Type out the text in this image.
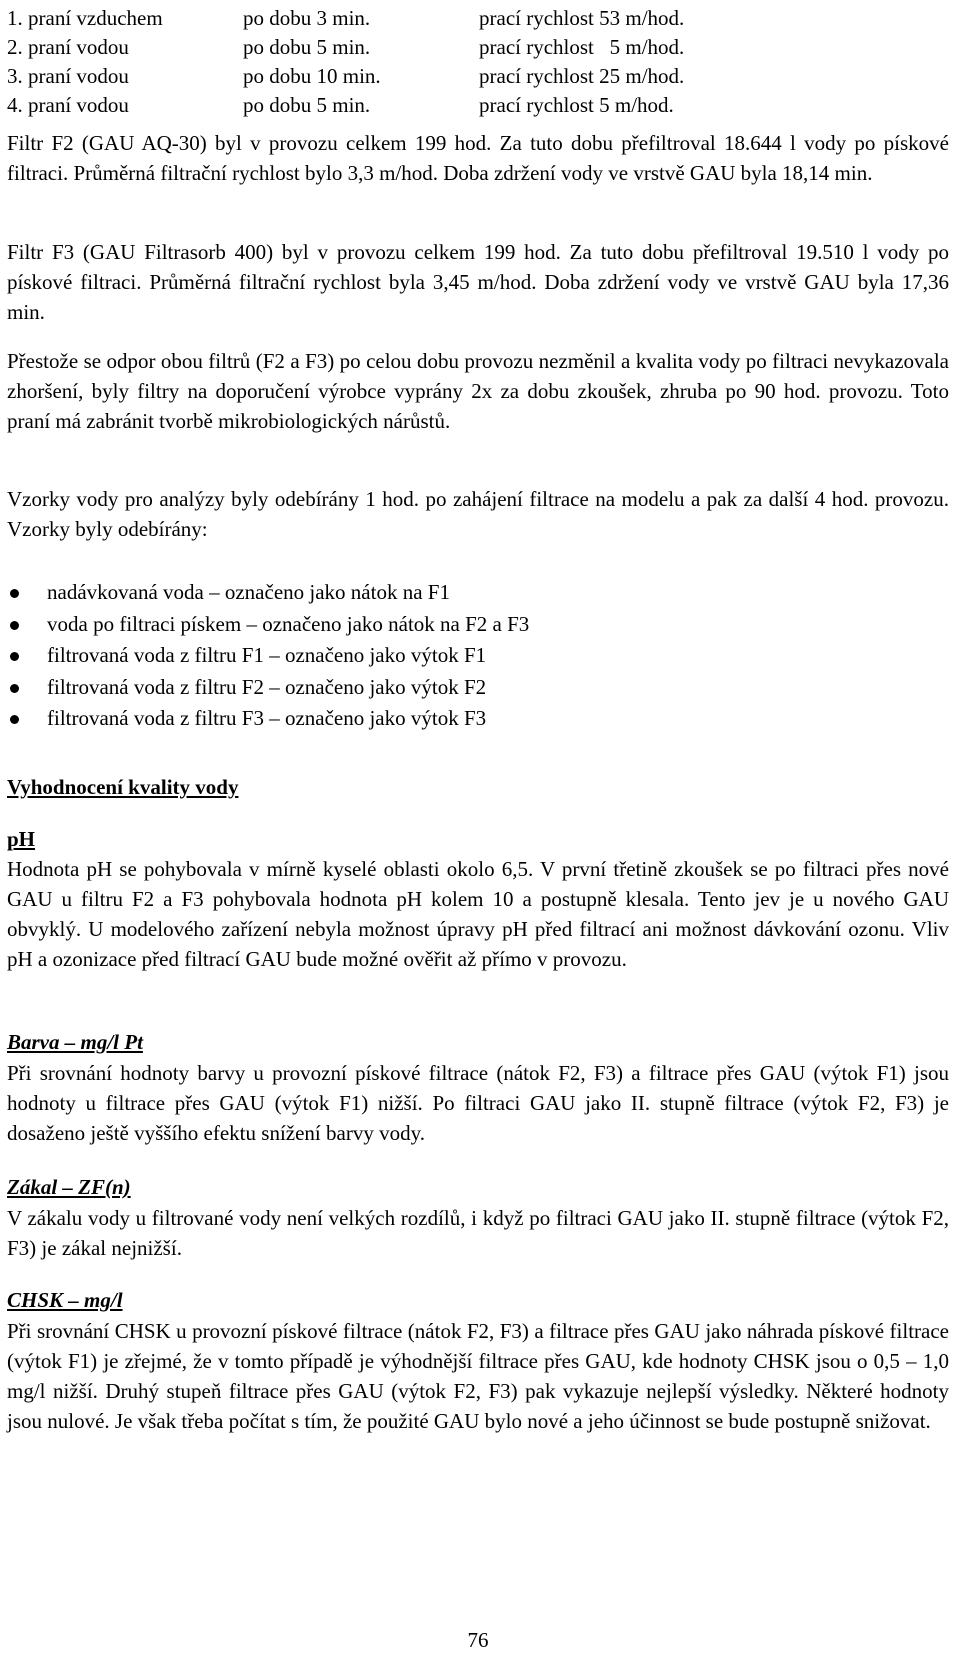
1. praní vzduchem	po dobu 3 min.	prací rychlost 53 m/hod.
2. praní vodou	po dobu 5 min.	prací rychlost   5 m/hod.
3. praní vodou	po dobu 10 min.	prací rychlost 25 m/hod.
4. praní vodou	po dobu 5 min.	prací rychlost 5 m/hod.

Filtr F2 (GAU AQ-30) byl v provozu celkem 199 hod. Za tuto dobu přefiltroval 18.644 l vody po pískové filtraci. Průměrná filtrační rychlost bylo 3,3 m/hod. Doba zdržení vody ve vrstvě GAU byla 18,14 min.

Filtr F3 (GAU Filtrasorb 400) byl v provozu celkem 199 hod. Za tuto dobu přefiltroval 19.510 l vody po pískové filtraci. Průměrná filtrační rychlost byla 3,45 m/hod. Doba zdržení vody ve vrstvě GAU byla 17,36 min.

Přestože se odpor obou filtrů (F2 a F3) po celou dobu provozu nezměnil a kvalita vody po filtraci nevykazovala zhoršení, byly filtry na doporučení výrobce vyprány 2x za dobu zkoušek, zhruba po 90 hod. provozu. Toto praní má zabránit tvorbě mikrobiologických nárůstů.

Vzorky vody pro analýzy byly odebírány 1 hod. po zahájení filtrace na modelu a pak za další 4 hod. provozu. Vzorky byly odebírány:

nadávkovaná voda – označeno jako nátok na F1
voda po filtraci pískem – označeno jako nátok na F2 a F3
filtrovaná voda z filtru F1 – označeno jako výtok F1
filtrovaná voda z filtru F2 – označeno jako výtok F2
filtrovaná voda z filtru F3 – označeno jako výtok F3
Vyhodnocení kvality vody
pH

Hodnota pH se pohybovala v mírně kyselé oblasti okolo 6,5. V první třetině zkoušek se po filtraci přes nové GAU u filtru F2 a F3 pohybovala hodnota pH kolem 10 a postupně klesala. Tento jev je u nového GAU obvyklý. U modelového zařízení nebyla možnost úpravy pH před filtrací ani možnost dávkování ozonu. Vliv pH a ozonizace před filtrací GAU bude možné ověřit až přímo v provozu.

Barva – mg/l Pt

Při srovnání hodnoty barvy u provozní pískové filtrace (nátok F2, F3) a filtrace přes GAU (výtok F1) jsou hodnoty u filtrace přes GAU (výtok F1) nižší. Po filtraci GAU jako II. stupně filtrace (výtok F2, F3) je dosaženo ještě vyššího efektu snížení barvy vody.

Zákal – ZF(n)

V zákalu vody u filtrované vody není velkých rozdílů, i když po filtraci GAU jako II. stupně filtrace (výtok F2, F3) je zákal nejnižší.

CHSK – mg/l

Při srovnání CHSK u provozní pískové filtrace (nátok F2, F3) a filtrace přes GAU jako náhrada pískové filtrace (výtok F1) je zřejmé, že v tomto případě je výhodnější filtrace přes GAU, kde hodnoty CHSK jsou o 0,5 – 1,0 mg/l nižší. Druhý stupeň filtrace přes GAU (výtok F2, F3) pak vykazuje nejlepší výsledky. Některé hodnoty jsou nulové. Je však třeba počítat s tím, že použité GAU bylo nové a jeho účinnost se bude postupně snižovat.

76
